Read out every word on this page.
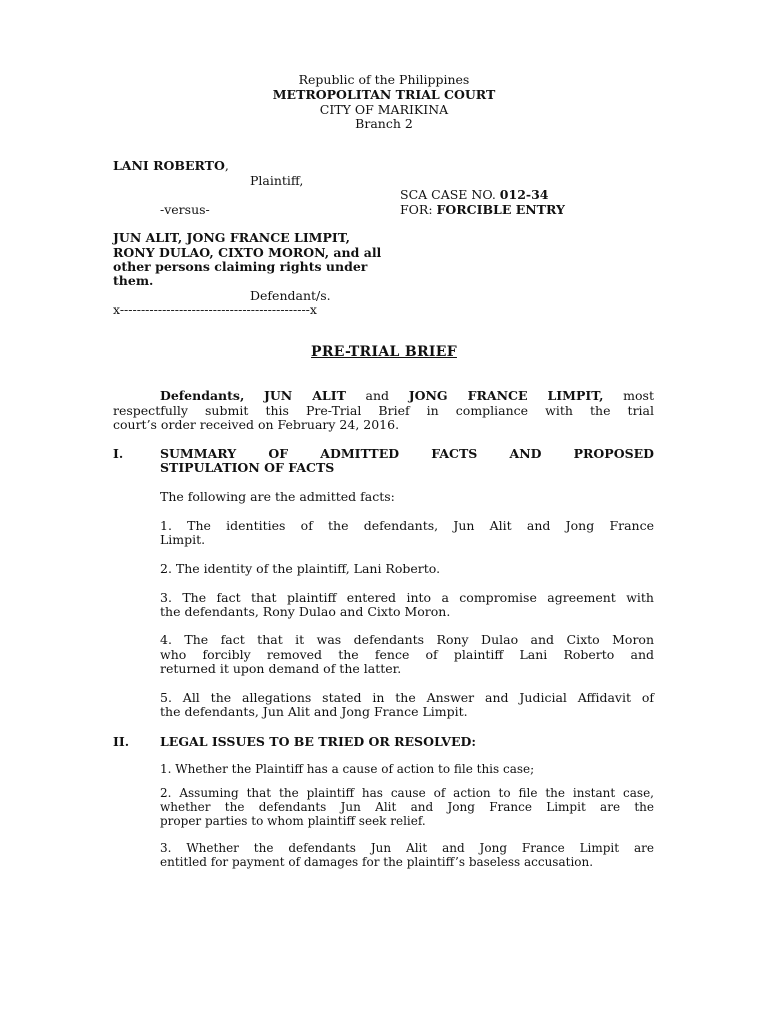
Republic of the Philippines
METROPOLITAN TRIAL COURT
CITY OF MARIKINA
Branch 2
LANI ROBERTO,
Plaintiff,
SCA CASE NO. 012-34
-versus-	FOR: FORCIBLE ENTRY
JUN ALIT, JONG FRANCE LIMPIT,
RONY DULAO, CIXTO MORON, and all
other persons claiming rights under
them.
Defendant/s.
x---------------------------------------------x
PRE-TRIAL BRIEF
Defendants, JUN ALIT and JONG FRANCE LIMPIT, most
respectfully submit this Pre-Trial Brief in compliance with the trial
court’s order received on February 24, 2016.
I.	SUMMARY OF ADMITTED FACTS AND PROPOSED
STIPULATION OF FACTS
The following are the admitted facts:
1. The identities of the defendants, Jun Alit and Jong France
Limpit.
2. The identity of the plaintiff, Lani Roberto.
3. The fact that plaintiff entered into a compromise agreement with
the defendants, Rony Dulao and Cixto Moron.
4. The fact that it was defendants Rony Dulao and Cixto Moron
who forcibly removed the fence of plaintiff Lani Roberto and
returned it upon demand of the latter.
5. All the allegations stated in the Answer and Judicial Affidavit of
the defendants, Jun Alit and Jong France Limpit.
II. LEGAL ISSUES TO BE TRIED OR RESOLVED:
1. Whether the Plaintiff has a cause of action to file this case;
2. Assuming that the plaintiff has cause of action to file the instant case,
whether the defendants Jun Alit and Jong France Limpit are the
proper parties to whom plaintiff seek relief.
3. Whether the defendants Jun Alit and Jong France Limpit are
entitled for payment of damages for the plaintiff’s baseless accusation.
